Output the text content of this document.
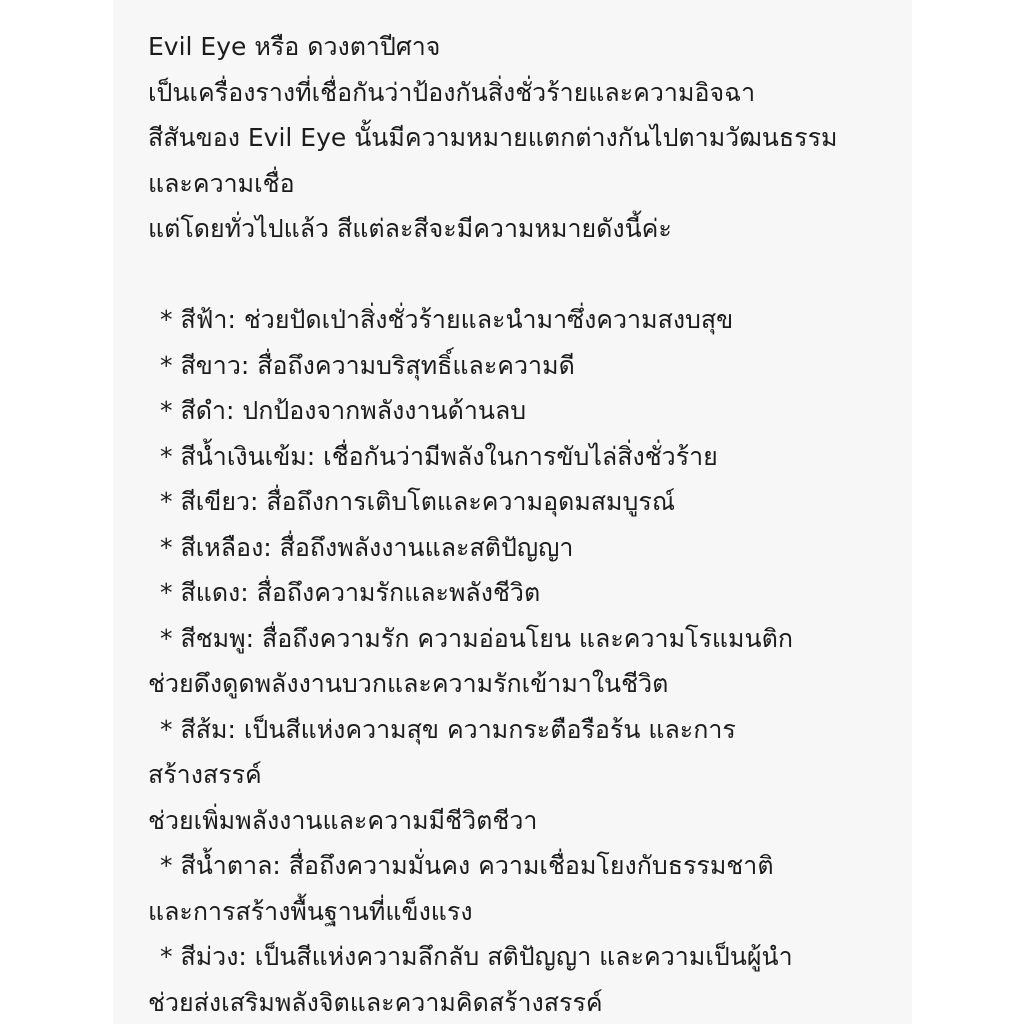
Evil Eye หรือ ดวงตาปีศาจ
เป็นเครื่องรางที่เชื่อกันว่าป้องกันสิ่งชั่วร้ายและความอิจฉา
สีสันของ Evil Eye นั้นมีความหมายแตกต่างกันไปตามวัฒนธรรม
และความเชื่อ
แต่โดยทั่วไปแล้ว สีแต่ละสีจะมีความหมายดังนี้ค่ะ
* สีฟ้า: ช่วยปัดเป่าสิ่งชั่วร้ายและนำมาซึ่งความสงบสุข
* สีขาว: สื่อถึงความบริสุทธิ์และความดี
* สีดำ: ปกป้องจากพลังงานด้านลบ
* สีน้ำเงินเข้ม: เชื่อกันว่ามีพลังในการขับไล่สิ่งชั่วร้าย
* สีเขียว: สื่อถึงการเติบโตและความอุดมสมบูรณ์
* สีเหลือง: สื่อถึงพลังงานและสติปัญญา
* สีแดง: สื่อถึงความรักและพลังชีวิต
* สีชมพู: สื่อถึงความรัก ความอ่อนโยน และความโรแมนติก
ช่วยดึงดูดพลังงานบวกและความรักเข้ามาในชีวิต
* สีส้ม: เป็นสีแห่งความสุข ความกระตือรือร้น และการ
สร้างสรรค์
ช่วยเพิ่มพลังงานและความมีชีวิตชีวา
* สีน้ำตาล: สื่อถึงความมั่นคง ความเชื่อมโยงกับธรรมชาติ
และการสร้างพื้นฐานที่แข็งแรง
* สีม่วง: เป็นสีแห่งความลึกลับ สติปัญญา และความเป็นผู้นำ
ช่วยส่งเสริมพลังจิตและความคิดสร้างสรรค์
